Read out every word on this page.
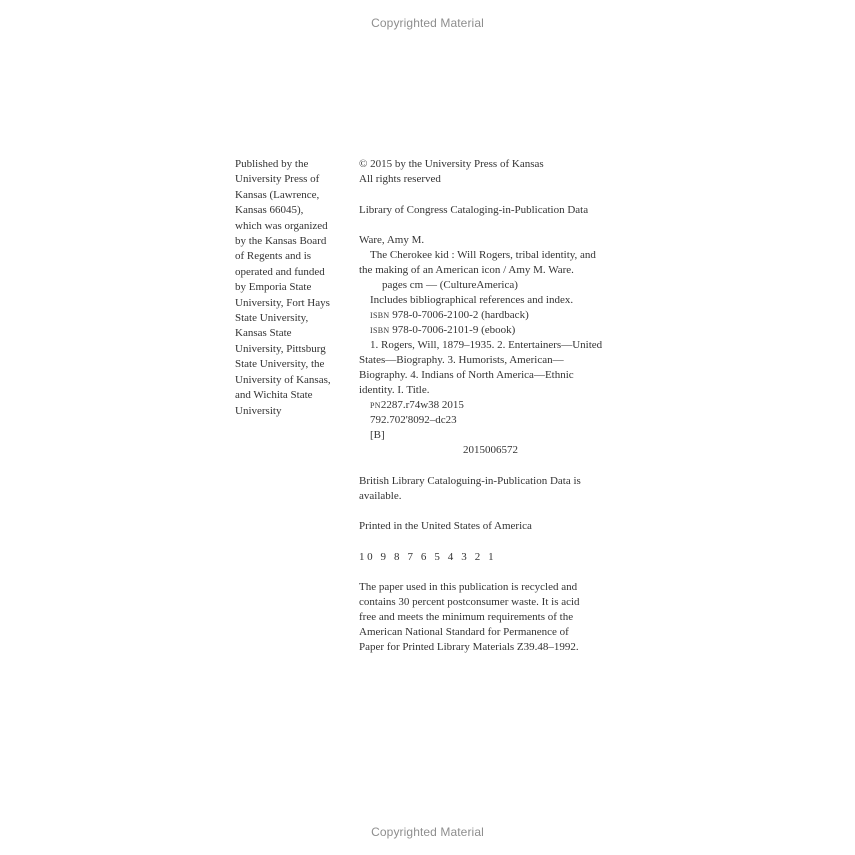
Copyrighted Material
Published by the
University Press of
Kansas (Lawrence,
Kansas 66045),
which was organized
by the Kansas Board
of Regents and is
operated and funded
by Emporia State
University, Fort Hays
State University,
Kansas State
University, Pittsburg
State University, the
University of Kansas,
and Wichita State
University
© 2015 by the University Press of Kansas
All rights reserved
Library of Congress Cataloging-in-Publication Data
Ware, Amy M.
The Cherokee kid : Will Rogers, tribal identity, and
the making of an American icon / Amy M. Ware.
pages cm — (CultureAmerica)
Includes bibliographical references and index.
isbn 978-0-7006-2100-2 (hardback)
isbn 978-0-7006-2101-9 (ebook)
1. Rogers, Will, 1879–1935. 2. Entertainers—United
States—Biography. 3. Humorists, American—
Biography. 4. Indians of North America—Ethnic
identity. I. Title.
pn2287.r74w38 2015
792.702'8092–dc23
[B]
2015006572
British Library Cataloguing-in-Publication Data is
available.
Printed in the United States of America
10 9 8 7 6 5 4 3 2 1
The paper used in this publication is recycled and
contains 30 percent postconsumer waste. It is acid
free and meets the minimum requirements of the
American National Standard for Permanence of
Paper for Printed Library Materials Z39.48–1992.
Copyrighted Material
